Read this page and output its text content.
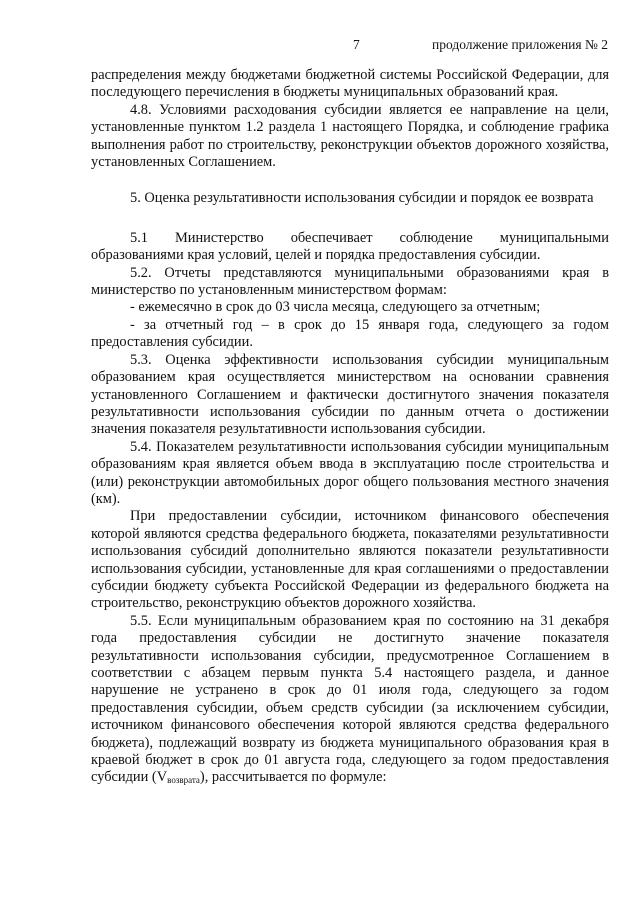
7	продолжение приложения № 2

распределения между бюджетами бюджетной системы Российской Федерации, для последующего перечисления в бюджеты муниципальных образований края.

4.8. Условиями расходования субсидии является ее направление на цели, установленные пунктом 1.2 раздела 1 настоящего Порядка, и соблюдение графика выполнения работ по строительству, реконструкции объектов дорожного хозяйства, установленных Соглашением.

5. Оценка результативности использования субсидии и порядок ее возврата

5.1 Министерство обеспечивает соблюдение муниципальными образованиями края условий, целей и порядка предоставления субсидии.

5.2. Отчеты представляются муниципальными образованиями края в министерство по установленным министерством формам:

- ежемесячно в срок до 03 числа месяца, следующего за отчетным;

- за отчетный год – в срок до 15 января года, следующего за годом предоставления субсидии.

5.3. Оценка эффективности использования субсидии муниципальным образованием края осуществляется министерством на основании сравнения установленного Соглашением и фактически достигнутого значения показателя результативности использования субсидии по данным отчета о достижении значения показателя результативности использования субсидии.

5.4. Показателем результативности использования субсидии муниципальным образованиям края является объем ввода в эксплуатацию после строительства и (или) реконструкции автомобильных дорог общего пользования местного значения (км).

При предоставлении субсидии, источником финансового обеспечения которой являются средства федерального бюджета, показателями результативности использования субсидий дополнительно являются показатели результативности использования субсидии, установленные для края соглашениями о предоставлении субсидии бюджету субъекта Российской Федерации из федерального бюджета на строительство, реконструкцию объектов дорожного хозяйства.

5.5. Если муниципальным образованием края по состоянию на 31 декабря года предоставления субсидии не достигнуто значение показателя результативности использования субсидии, предусмотренное Соглашением в соответствии с абзацем первым пункта 5.4 настоящего раздела, и данное нарушение не устранено в срок до 01 июля года, следующего за годом предоставления субсидии, объем средств субсидии (за исключением субсидии, источником финансового обеспечения которой являются средства федерального бюджета), подлежащий возврату из бюджета муниципального образования края в краевой бюджет в срок до 01 августа года, следующего за годом предоставления субсидии $(V_{возврата})$, рассчитывается по формуле:
